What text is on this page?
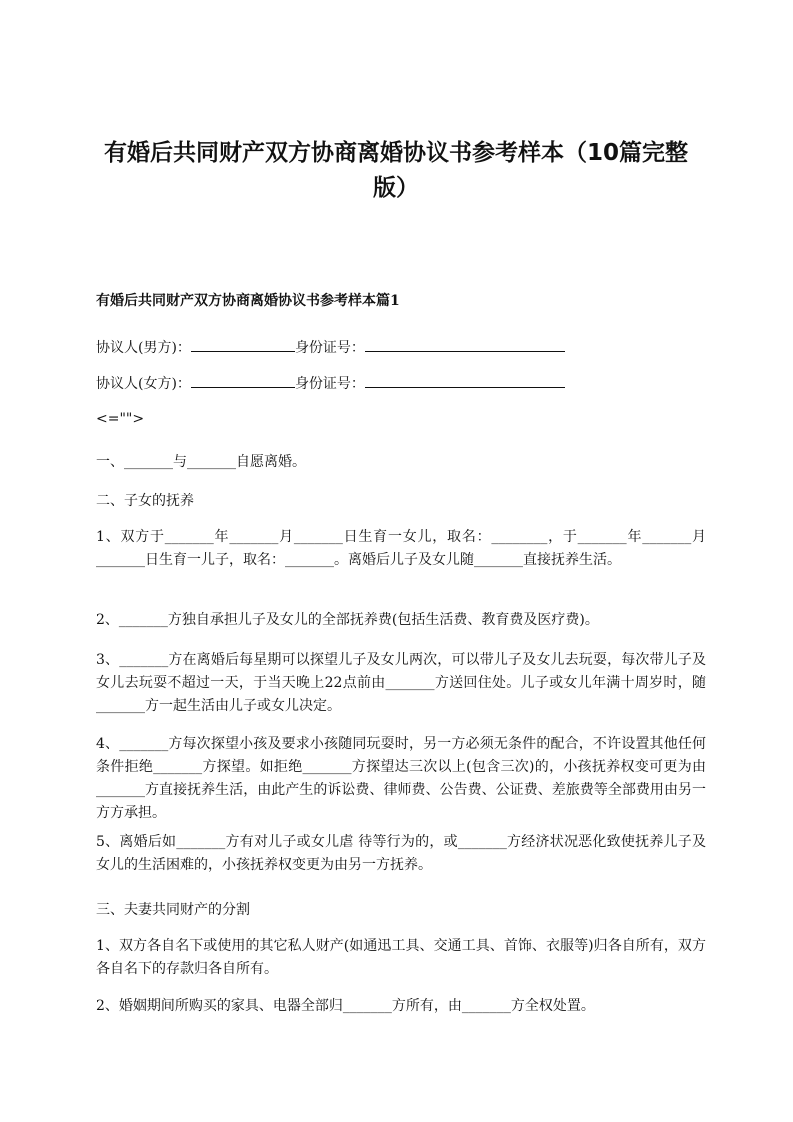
有婚后共同财产双方协商离婚协议书参考样本（10篇完整版）
有婚后共同财产双方协商离婚协议书参考样本篇1
协议人(男方)：	身份证号：
协议人(女方)：	身份证号：

<="">

一、_______与_______自愿离婚。

二、子女的抚养

1、双方于_______年_______月_______日生育一女儿，取名：________，于_______年_______月_______日生育一儿子，取名：_______。离婚后儿子及女儿随_______直接抚养生活。

2、_______方独自承担儿子及女儿的全部抚养费(包括生活费、教育费及医疗费)。

3、_______方在离婚后每星期可以探望儿子及女儿两次，可以带儿子及女儿去玩耍，每次带儿子及女儿去玩耍不超过一天，于当天晚上22点前由_______方送回住处。儿子或女儿年满十周岁时，随_______方一起生活由儿子或女儿决定。

4、_______方每次探望小孩及要求小孩随同玩耍时，另一方必须无条件的配合，不许设置其他任何条件拒绝_______方探望。如拒绝_______方探望达三次以上(包含三次)的，小孩抚养权变可更为由_______方直接抚养生活，由此产生的诉讼费、律师费、公告费、公证费、差旅费等全部费用由另一方方承担。

5、离婚后如_______方有对儿子或女儿虐 待等行为的，或_______方经济状况恶化致使抚养儿子及女儿的生活困难的，小孩抚养权变更为由另一方抚养。

三、夫妻共同财产的分割

1、双方各自名下或使用的其它私人财产(如通迅工具、交通工具、首饰、衣服等)归各自所有，双方各自名下的存款归各自所有。

2、婚姻期间所购买的家具、电器全部归_______方所有，由_______方全权处置。
